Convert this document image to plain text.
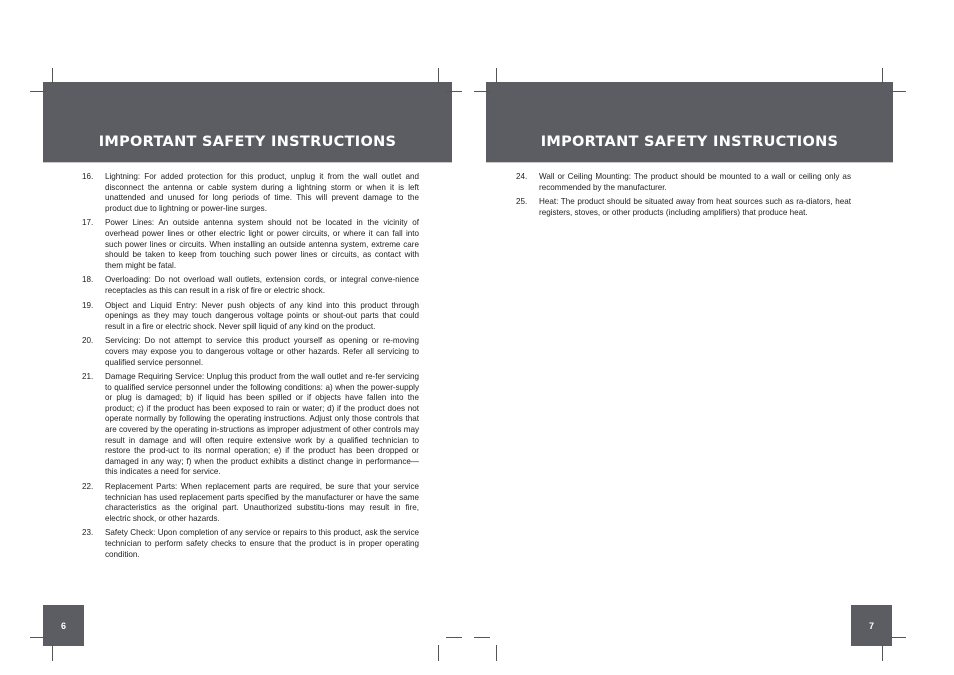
IMPORTANT SAFETY INSTRUCTIONS
16.	Lightning: For added protection for this product, unplug it from the wall outlet and disconnect the antenna or cable system during a lightning storm or when it is left unattended and unused for long periods of time. This will prevent damage to the product due to lightning or power-line surges.
17.	Power Lines: An outside antenna system should not be located in the vicinity of overhead power lines or other electric light or power circuits, or where it can fall into such power lines or circuits. When installing an outside antenna system, extreme care should be taken to keep from touching such power lines or circuits, as contact with them might be fatal.
18.	Overloading: Do not overload wall outlets, extension cords, or integral conve-nience receptacles as this can result in a risk of fire or electric shock.
19.	Object and Liquid Entry: Never push objects of any kind into this product through openings as they may touch dangerous voltage points or shout-out parts that could result in a fire or electric shock. Never spill liquid of any kind on the product.
20.	Servicing: Do not attempt to service this product yourself as opening or re-moving covers may expose you to dangerous voltage or other hazards. Refer all servicing to qualified service personnel.
21.	Damage Requiring Service: Unplug this product from the wall outlet and re-fer servicing to qualified service personnel under the following conditions: a) when the power-supply or plug is damaged; b) if liquid has been spilled or if objects have fallen into the product; c) if the product has been exposed to rain or water; d) if the product does not operate normally by following the operating instructions. Adjust only those controls that are covered by the operating in-structions as improper adjustment of other controls may result in damage and will often require extensive work by a qualified technician to restore the prod-uct to its normal operation; e) if the product has been dropped or damaged in any way; f) when the product exhibits a distinct change in performance—this indicates a need for service.
22.	Replacement Parts: When replacement parts are required, be sure that your service technician has used replacement parts specified by the manufacturer or have the same characteristics as the original part. Unauthorized substitu-tions may result in fire, electric shock, or other hazards.
23.	Safety Check: Upon completion of any service or repairs to this product, ask the service technician to perform safety checks to ensure that the product is in proper operating condition.
6
IMPORTANT SAFETY INSTRUCTIONS
24.	Wall or Ceiling Mounting: The product should be mounted to a wall or ceiling only as recommended by the manufacturer.
25.	Heat: The product should be situated away from heat sources such as ra-diators, heat registers, stoves, or other products (including amplifiers) that produce heat.
7
